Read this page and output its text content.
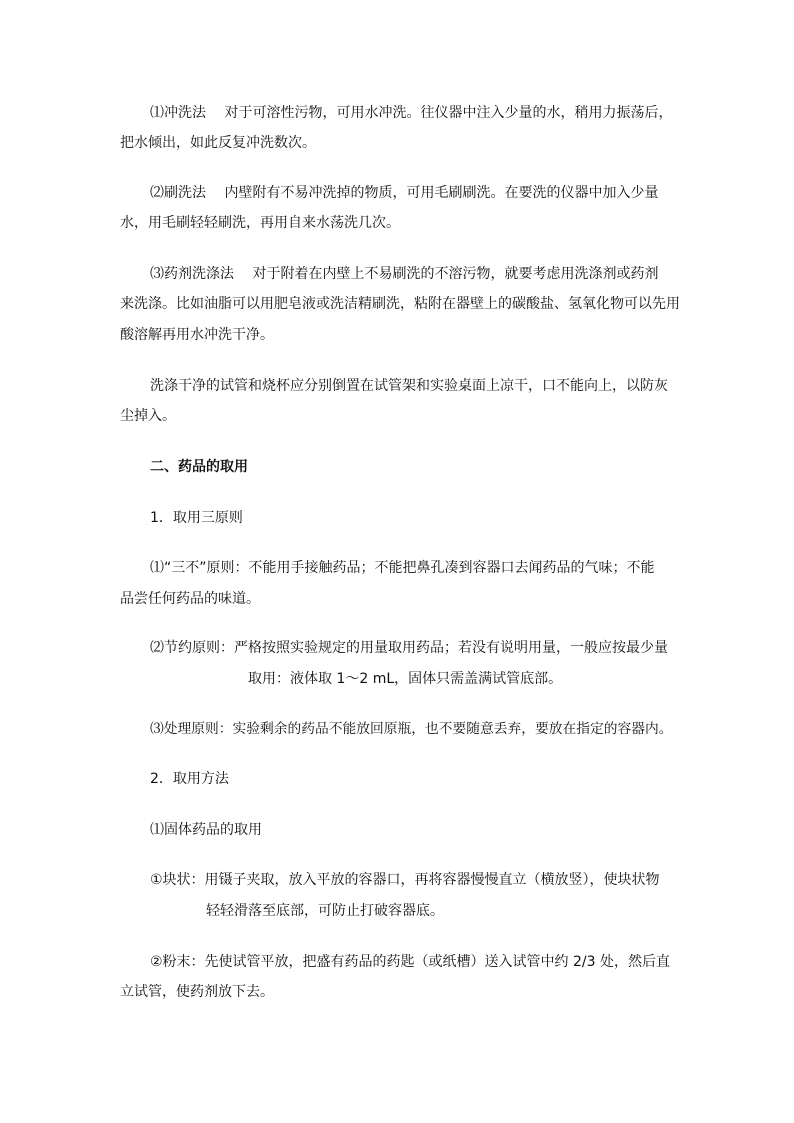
⑴冲洗法　 对于可溶性污物，可用水冲洗。往仪器中注入少量的水，稍用力振荡后，
把水倾出，如此反复冲洗数次。
⑵刷洗法　 内壁附有不易冲洗掉的物质，可用毛刷刷洗。在要洗的仪器中加入少量
水，用毛刷轻轻刷洗，再用自来水荡洗几次。
⑶药剂洗涤法　 对于附着在内壁上不易刷洗的不溶污物，就要考虑用洗涤剂或药剂
来洗涤。比如油脂可以用肥皂液或洗洁精刷洗，粘附在器壁上的碳酸盐、氢氧化物可以先用
酸溶解再用水冲洗干净。
洗涤干净的试管和烧杯应分别倒置在试管架和实验桌面上凉干，口不能向上，以防灰
尘掉入。
二、药品的取用
1．取用三原则
⑴“三不”原则：不能用手接触药品；不能把鼻孔凑到容器口去闻药品的气味；不能
品尝任何药品的味道。
⑵节约原则：严格按照实验规定的用量取用药品；若没有说明用量，一般应按最少量
取用：液体取 1～2 mL，固体只需盖满试管底部。
⑶处理原则：实验剩余的药品不能放回原瓶，也不要随意丢弃，要放在指定的容器内。
2．取用方法
⑴固体药品的取用
①块状：用镊子夹取，放入平放的容器口，再将容器慢慢直立（横放竖），使块状物
轻轻滑落至底部，可防止打破容器底。
②粉末：先使试管平放，把盛有药品的药匙（或纸槽）送入试管中约 2/3 处，然后直
立试管，使药剂放下去。
